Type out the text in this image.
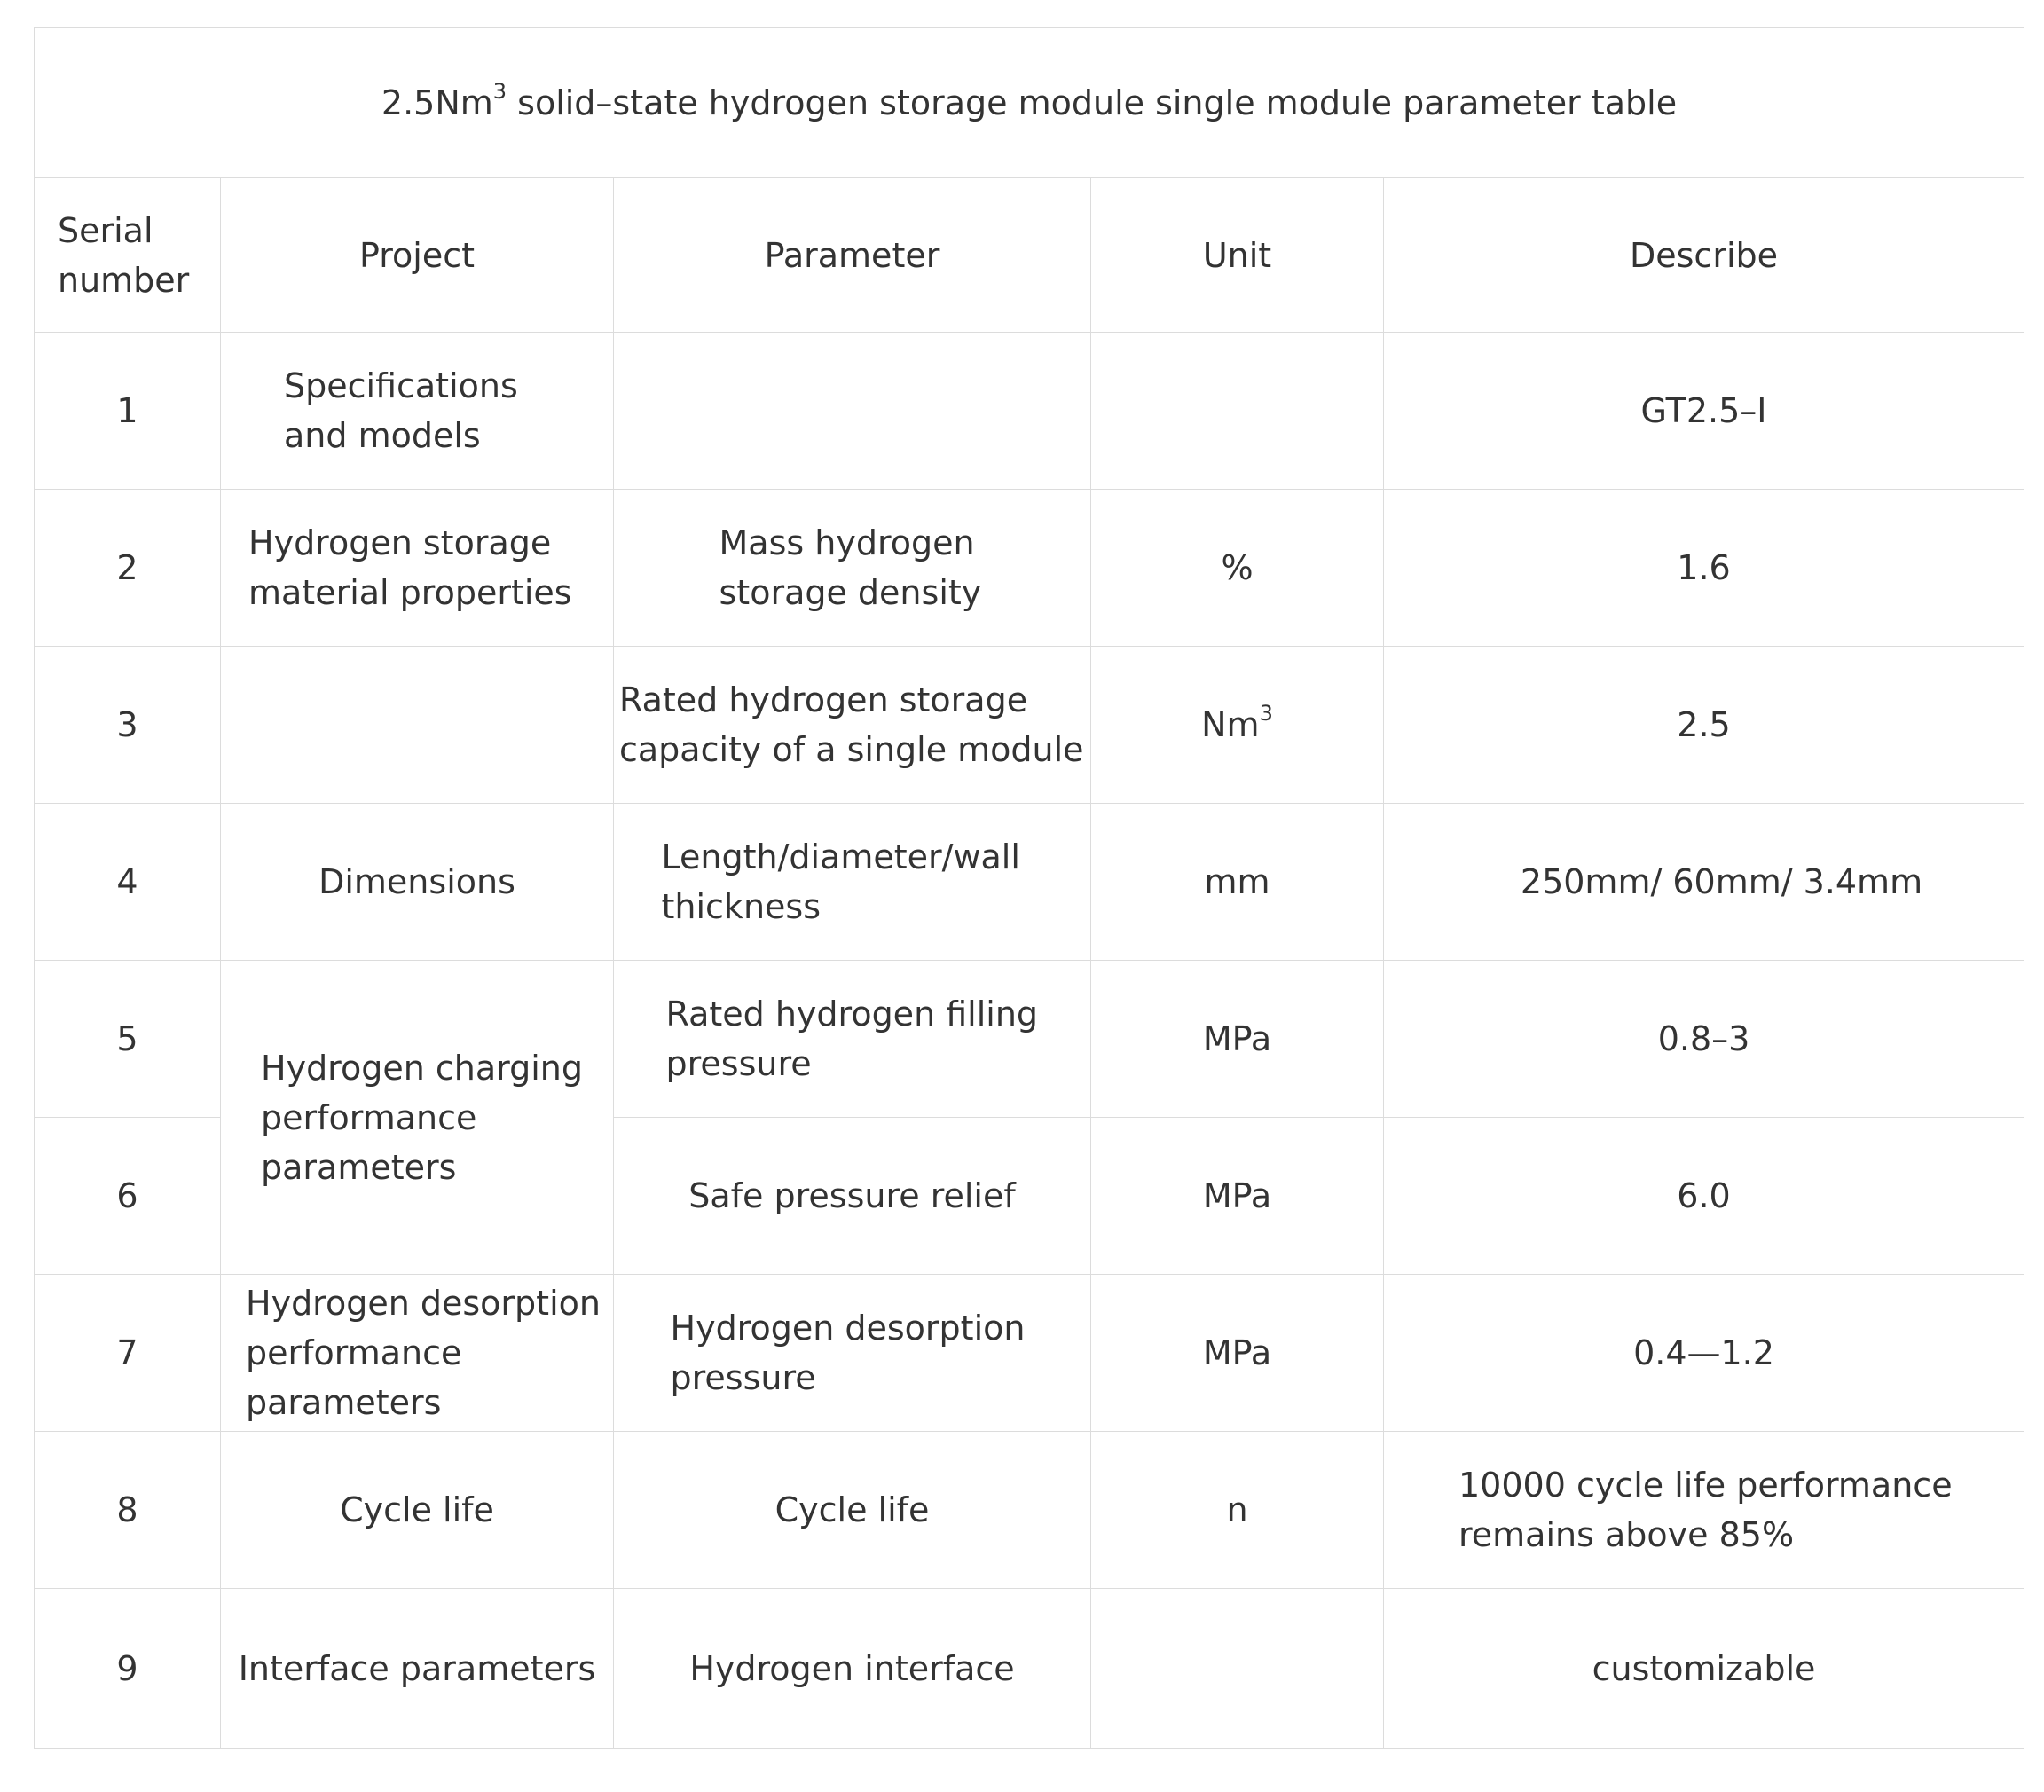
2.5Nm$^3$ solid–state hydrogen storage module single module parameter table				
Serial
number	Project	Parameter	Unit	Describe
1	Specifications and models			GT2.5–I
2	Hydrogen storage material properties	Mass hydrogen storage density	%	1.6
3		Rated hydrogen storage capacity of a single module	Nm$^3$	2.5
4	Dimensions	Length/diameter/wall thickness	mm	250mm/ 60mm/ 3.4mm
5	Hydrogen charging performance parameters	Rated hydrogen filling pressure	MPa	0.8–3
6		Safe pressure relief	MPa	6.0
7	Hydrogen desorption performance parameters	Hydrogen desorption pressure	MPa	0.4—1.2
8	Cycle life	Cycle life	n	10000 cycle life performance remains above 85%
9	Interface parameters	Hydrogen interface		customizable
